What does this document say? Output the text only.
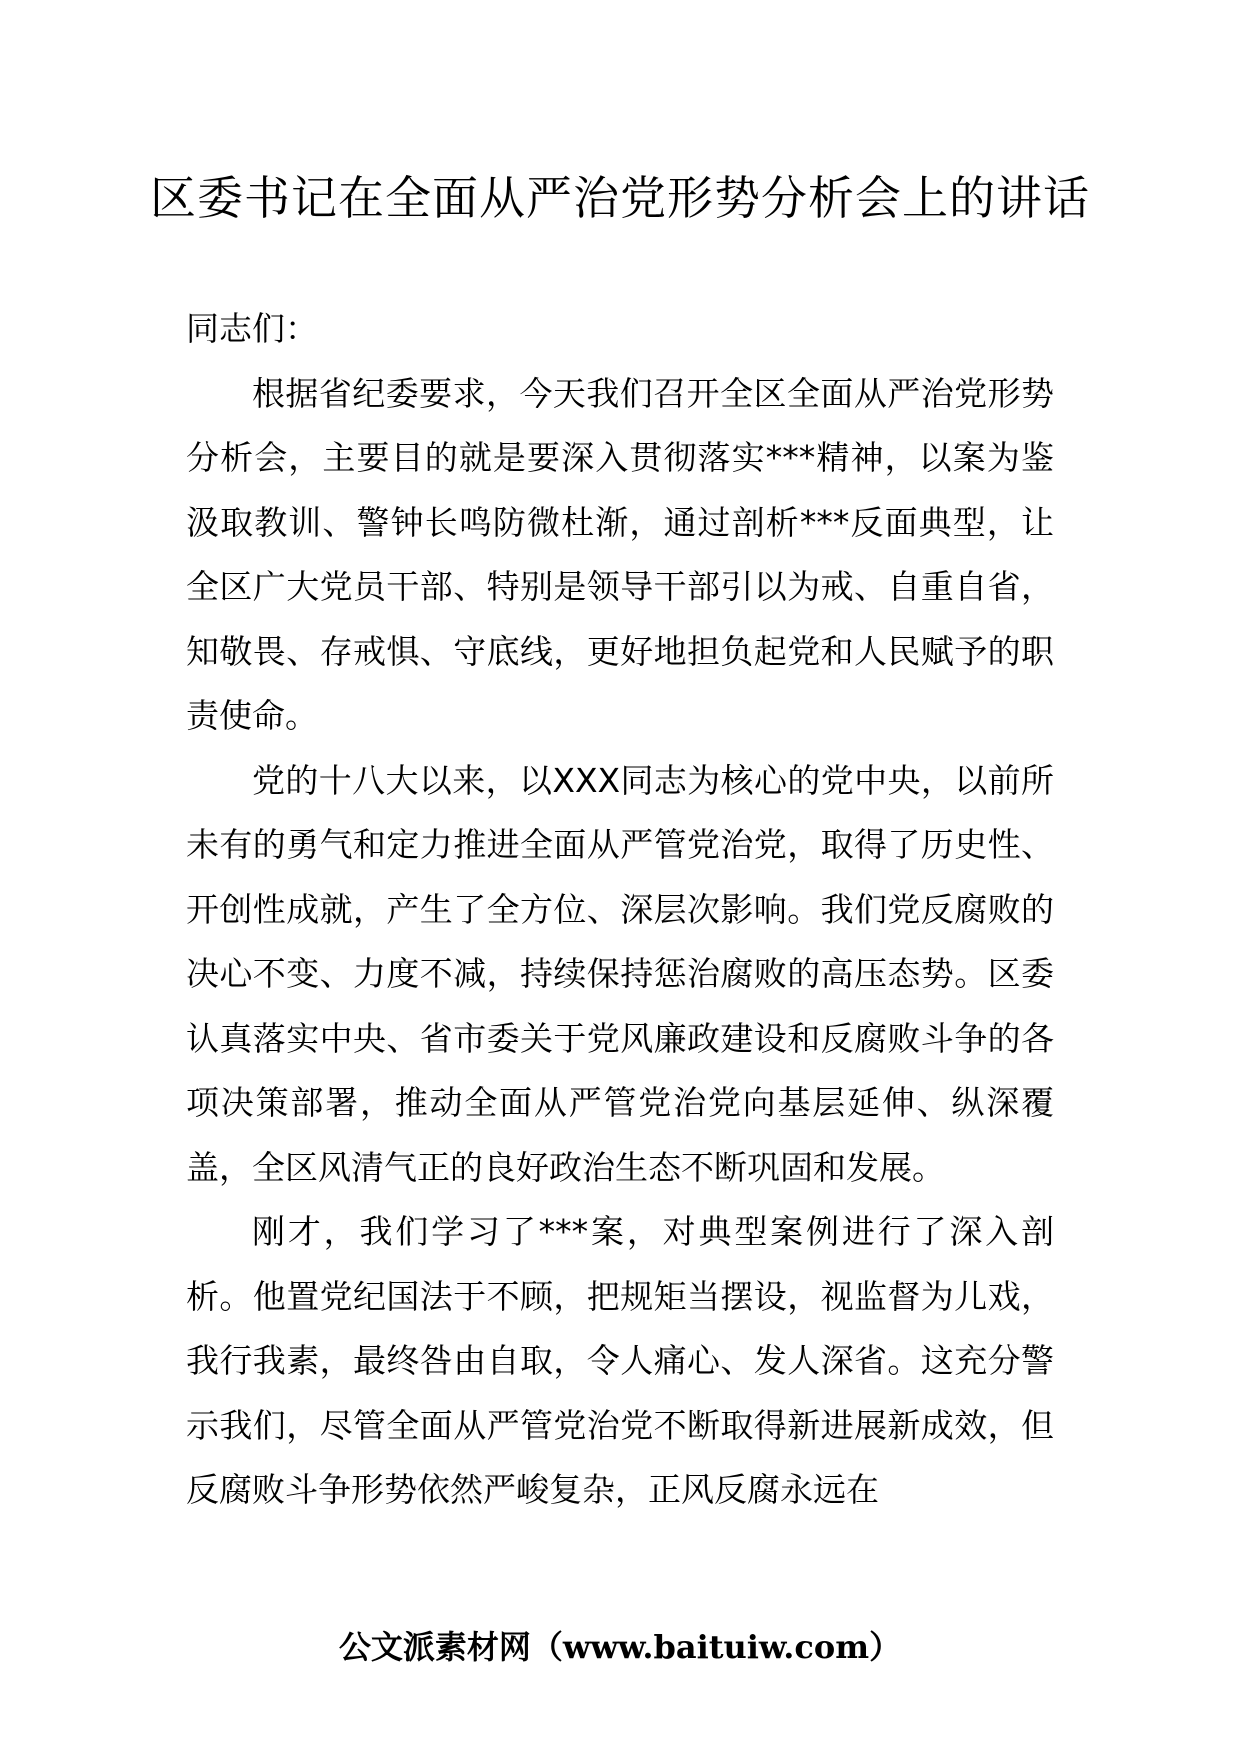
区委书记在全面从严治党形势分析会上的讲话

同志们：

根据省纪委要求，今天我们召开全区全面从严治党形势分析会，主要目的就是要深入贯彻落实***精神，以案为鉴汲取教训、警钟长鸣防微杜渐，通过剖析***反面典型，让全区广大党员干部、特别是领导干部引以为戒、自重自省，知敬畏、存戒惧、守底线，更好地担负起党和人民赋予的职责使命。

党的十八大以来，以XXX同志为核心的党中央，以前所未有的勇气和定力推进全面从严管党治党，取得了历史性、开创性成就，产生了全方位、深层次影响。我们党反腐败的决心不变、力度不减，持续保持惩治腐败的高压态势。区委认真落实中央、省市委关于党风廉政建设和反腐败斗争的各项决策部署，推动全面从严管党治党向基层延伸、纵深覆盖，全区风清气正的良好政治生态不断巩固和发展。

刚才，我们学习了***案，对典型案例进行了深入剖析。他置党纪国法于不顾，把规矩当摆设，视监督为儿戏，我行我素，最终咎由自取，令人痛心、发人深省。这充分警示我们，尽管全面从严管党治党不断取得新进展新成效，但反腐败斗争形势依然严峻复杂，正风反腐永远在

公文派素材网（www.baituiw.com）
